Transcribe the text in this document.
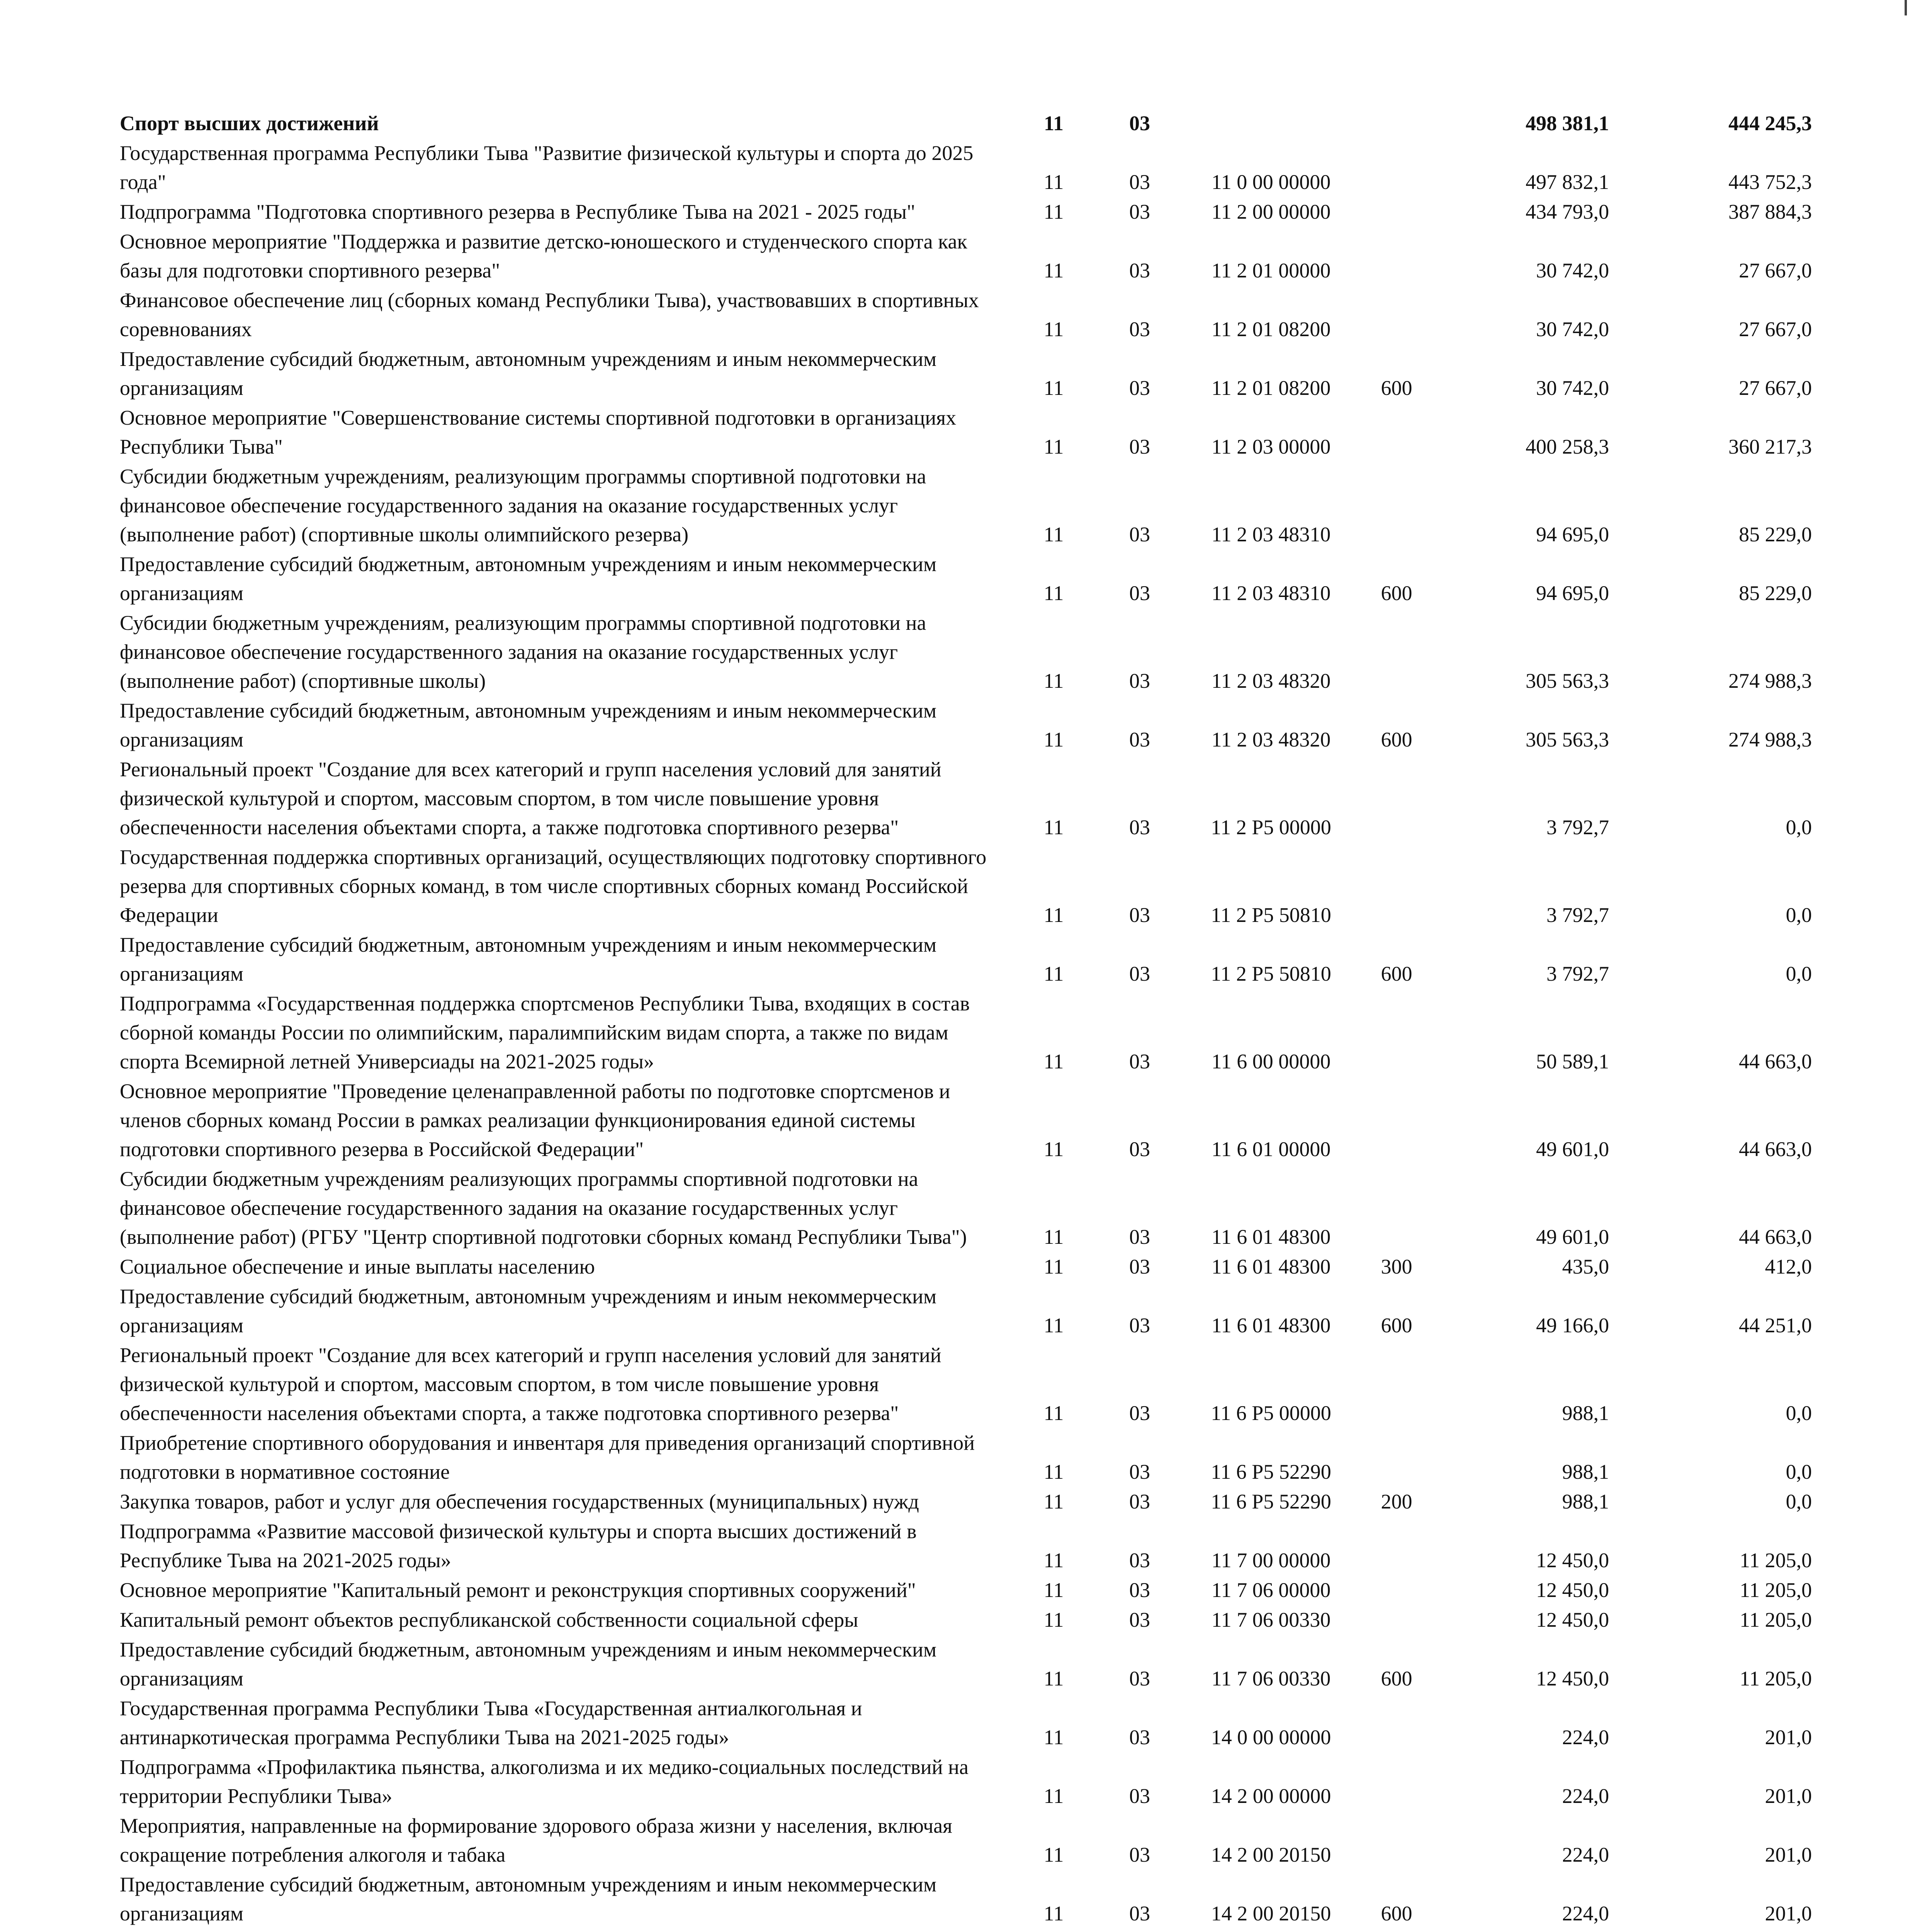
Спорт высших достижений	11	03	498 381,1	444 245,3
Государственная программа Республики Тыва "Развитие физической культуры и спорта до 2025 года"	11	03	11 0 00 00000	497 832,1	443 752,3
Подпрограмма "Подготовка спортивного резерва в Республике Тыва на 2021 - 2025 годы"	11	03	11 2 00 00000	434 793,0	387 884,3
Основное мероприятие "Поддержка и развитие детско-юношеского и студенческого спорта как базы для подготовки спортивного резерва"	11	03	11 2 01 00000	30 742,0	27 667,0
Финансовое обеспечение лиц (сборных команд Республики Тыва), участвовавших в спортивных соревнованиях	11	03	11 2 01 08200	30 742,0	27 667,0
Предоставление субсидий бюджетным, автономным учреждениям и иным некоммерческим организациям	11	03	11 2 01 08200	600	30 742,0	27 667,0
Основное мероприятие "Совершенствование системы спортивной подготовки в организациях Республики Тыва"	11	03	11 2 03 00000	400 258,3	360 217,3
Субсидии бюджетным учреждениям, реализующим программы спортивной подготовки на финансовое обеспечение государственного задания на оказание государственных услуг (выполнение работ) (спортивные школы олимпийского резерва)	11	03	11 2 03 48310	94 695,0	85 229,0
Предоставление субсидий бюджетным, автономным учреждениям и иным некоммерческим организациям	11	03	11 2 03 48310	600	94 695,0	85 229,0
Субсидии бюджетным учреждениям, реализующим программы спортивной подготовки на финансовое обеспечение государственного задания на оказание государственных услуг (выполнение работ) (спортивные школы)	11	03	11 2 03 48320	305 563,3	274 988,3
Предоставление субсидий бюджетным, автономным учреждениям и иным некоммерческим организациям	11	03	11 2 03 48320	600	305 563,3	274 988,3
Региональный проект "Создание для всех категорий и групп населения условий для занятий физической культурой и спортом, массовым спортом, в том числе повышение уровня обеспеченности населения объектами спорта, а также подготовка спортивного резерва"	11	03	11 2 P5 00000	3 792,7	0,0
Государственная поддержка спортивных организаций, осуществляющих подготовку спортивного резерва для спортивных сборных команд, в том числе спортивных сборных команд Российской Федерации	11	03	11 2 P5 50810	3 792,7	0,0
Предоставление субсидий бюджетным, автономным учреждениям и иным некоммерческим организациям	11	03	11 2 P5 50810	600	3 792,7	0,0
Подпрограмма «Государственная поддержка спортсменов Республики Тыва, входящих в состав сборной команды России по олимпийским, паралимпийским видам спорта, а также по видам спорта Всемирной летней Универсиады на 2021-2025 годы»	11	03	11 6 00 00000	50 589,1	44 663,0
Основное мероприятие "Проведение целенаправленной работы по подготовке спортсменов и членов сборных команд России в рамках реализации функционирования единой системы подготовки спортивного резерва в Российской Федерации"	11	03	11 6 01 00000	49 601,0	44 663,0
Субсидии бюджетным учреждениям реализующих программы спортивной подготовки на финансовое обеспечение государственного задания на оказание государственных услуг (выполнение работ) (РГБУ "Центр спортивной подготовки сборных команд Республики Тыва")	11	03	11 6 01 48300	49 601,0	44 663,0
Социальное обеспечение и иные выплаты населению	11	03	11 6 01 48300	300	435,0	412,0
Предоставление субсидий бюджетным, автономным учреждениям и иным некоммерческим организациям	11	03	11 6 01 48300	600	49 166,0	44 251,0
Региональный проект "Создание для всех категорий и групп населения условий для занятий физической культурой и спортом, массовым спортом, в том числе повышение уровня обеспеченности населения объектами спорта, а также подготовка спортивного резерва"	11	03	11 6 P5 00000	988,1	0,0
Приобретение спортивного оборудования и инвентаря для приведения организаций спортивной подготовки в нормативное состояние	11	03	11 6 P5 52290	988,1	0,0
Закупка товаров, работ и услуг для обеспечения государственных (муниципальных) нужд	11	03	11 6 P5 52290	200	988,1	0,0
Подпрограмма «Развитие массовой физической культуры и спорта высших достижений в Республике Тыва на 2021-2025 годы»	11	03	11 7 00 00000	12 450,0	11 205,0
Основное мероприятие "Капитальный ремонт и реконструкция спортивных сооружений"	11	03	11 7 06 00000	12 450,0	11 205,0
Капитальный ремонт объектов республиканской собственности социальной сферы	11	03	11 7 06 00330	12 450,0	11 205,0
Предоставление субсидий бюджетным, автономным учреждениям и иным некоммерческим организациям	11	03	11 7 06 00330	600	12 450,0	11 205,0
Государственная программа Республики Тыва «Государственная антиалкогольная и антинаркотическая программа Республики Тыва на 2021-2025 годы»	11	03	14 0 00 00000	224,0	201,0
Подпрограмма «Профилактика пьянства, алкоголизма и их медико-социальных последствий на территории Республики Тыва»	11	03	14 2 00 00000	224,0	201,0
Мероприятия, направленные на формирование здорового образа жизни у населения, включая сокращение потребления алкоголя и табака	11	03	14 2 00 20150	224,0	201,0
Предоставление субсидий бюджетным, автономным учреждениям и иным некоммерческим организациям	11	03	14 2 00 20150	600	224,0	201,0
